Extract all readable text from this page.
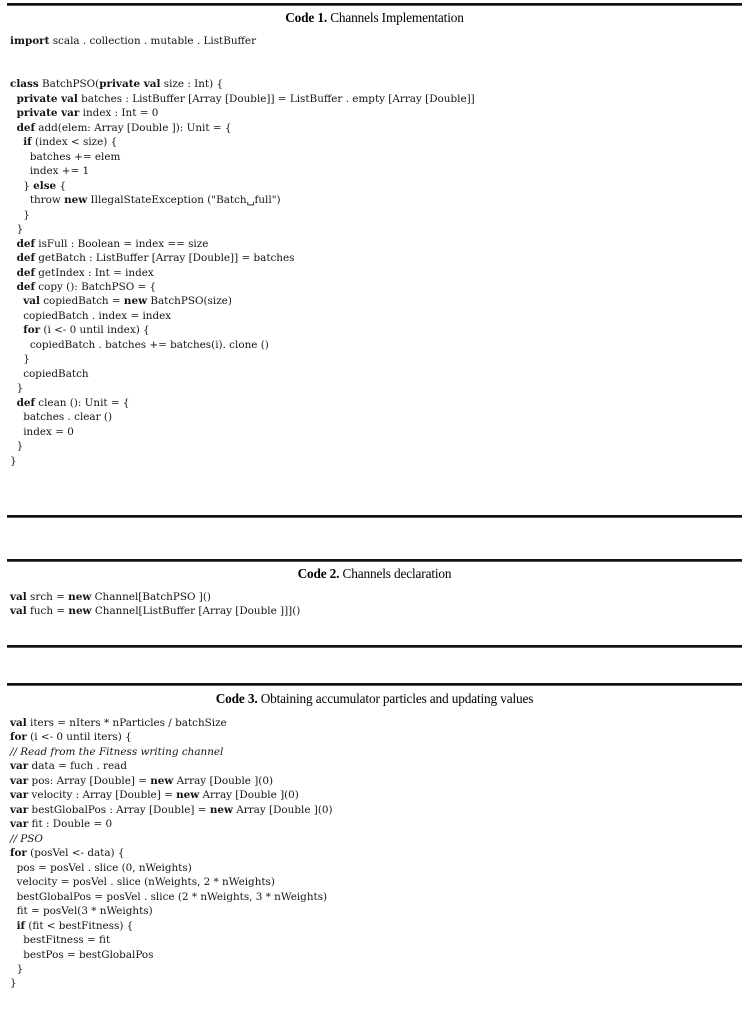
Code 1. Channels Implementation
import scala . collection . mutable . ListBuffer

class BatchPSO(private val size : Int) {
private val batches : ListBuffer [Array [Double]] = ListBuffer . empty [Array [Double]]
private var index : Int = 0
def add(elem: Array [Double ]): Unit = {
if (index < size) {
batches += elem
index += 1
} else {
throw new IllegalStateException ("Batch␣full")
}
}
def isFull : Boolean = index == size
def getBatch : ListBuffer [Array [Double]] = batches
def getIndex : Int = index
def copy (): BatchPSO = {
val copiedBatch = new BatchPSO(size)
copiedBatch . index = index
for (i <- 0 until index) {
copiedBatch . batches += batches(i). clone ()
}
copiedBatch
}
def clean (): Unit = {
batches . clear ()
index = 0
}
}
Code 2. Channels declaration
val srch = new Channel[BatchPSO ]()
val fuch = new Channel[ListBuffer [Array [Double ]]]()
Code 3. Obtaining accumulator particles and updating values
val iters = nIters * nParticles / batchSize
for (i <- 0 until iters) {
// Read from the Fitness writing channel
var data = fuch . read
var pos: Array [Double] = new Array [Double ](0)
var velocity : Array [Double] = new Array [Double ](0)
var bestGlobalPos : Array [Double] = new Array [Double ](0)
var fit : Double = 0
// PSO
for (posVel <- data) {
pos = posVel . slice (0, nWeights)
velocity = posVel . slice (nWeights, 2 * nWeights)
bestGlobalPos = posVel . slice (2 * nWeights, 3 * nWeights)
fit = posVel(3 * nWeights)
if (fit < bestFitness) {
bestFitness = fit
bestPos = bestGlobalPos
}
}
